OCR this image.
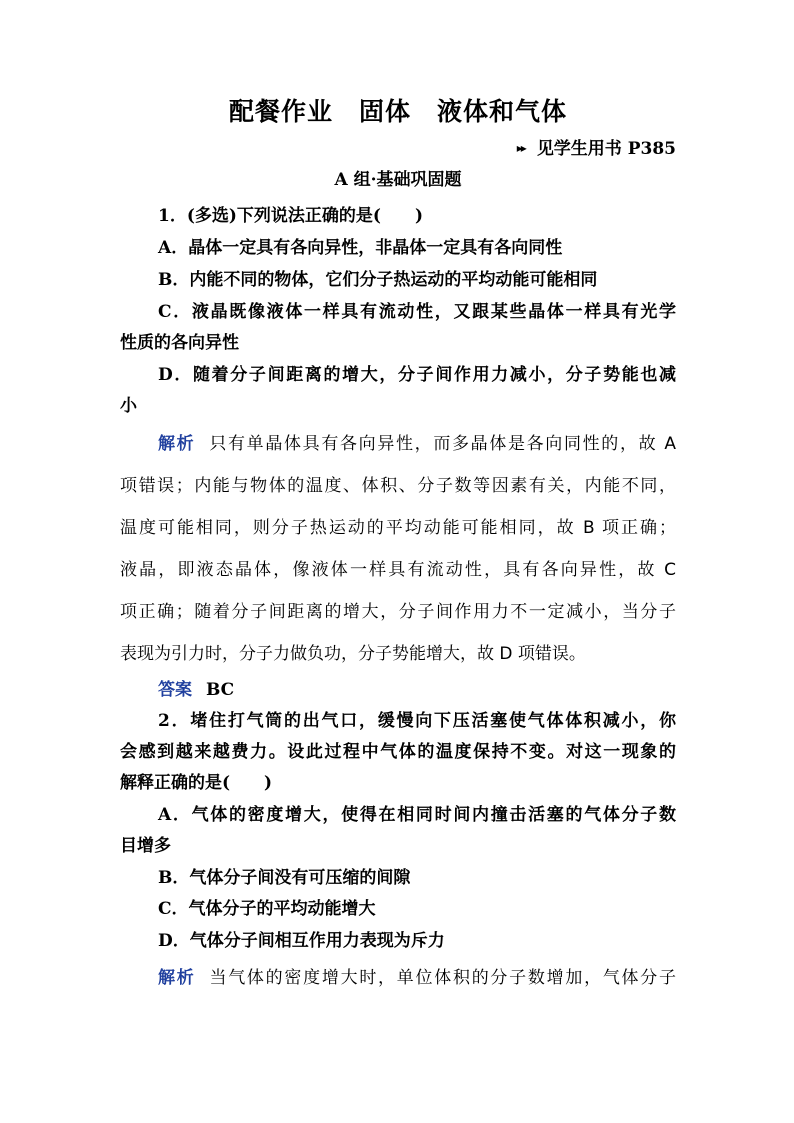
配餐作业　固体　液体和气体
▸▸ 见学生用书 P385
A 组·基础巩固题
1．(多选)下列说法正确的是(　　)
A．晶体一定具有各向异性，非晶体一定具有各向同性
B．内能不同的物体，它们分子热运动的平均动能可能相同
C．液晶既像液体一样具有流动性，又跟某些晶体一样具有光学
性质的各向异性
D．随着分子间距离的增大，分子间作用力减小，分子势能也减
小
解析 只有单晶体具有各向异性，而多晶体是各向同性的，故 A
项错误；内能与物体的温度、体积、分子数等因素有关，内能不同，
温度可能相同，则分子热运动的平均动能可能相同，故 B 项正确；
液晶，即液态晶体，像液体一样具有流动性，具有各向异性，故 C
项正确；随着分子间距离的增大，分子间作用力不一定减小，当分子
表现为引力时，分子力做负功，分子势能增大，故 D 项错误。
答案 BC
2．堵住打气筒的出气口，缓慢向下压活塞使气体体积减小，你
会感到越来越费力。设此过程中气体的温度保持不变。对这一现象的
解释正确的是(　　)
A．气体的密度增大，使得在相同时间内撞击活塞的气体分子数
目增多
B．气体分子间没有可压缩的间隙
C．气体分子的平均动能增大
D．气体分子间相互作用力表现为斥力
解析 当气体的密度增大时，单位体积的分子数增加，气体分子
